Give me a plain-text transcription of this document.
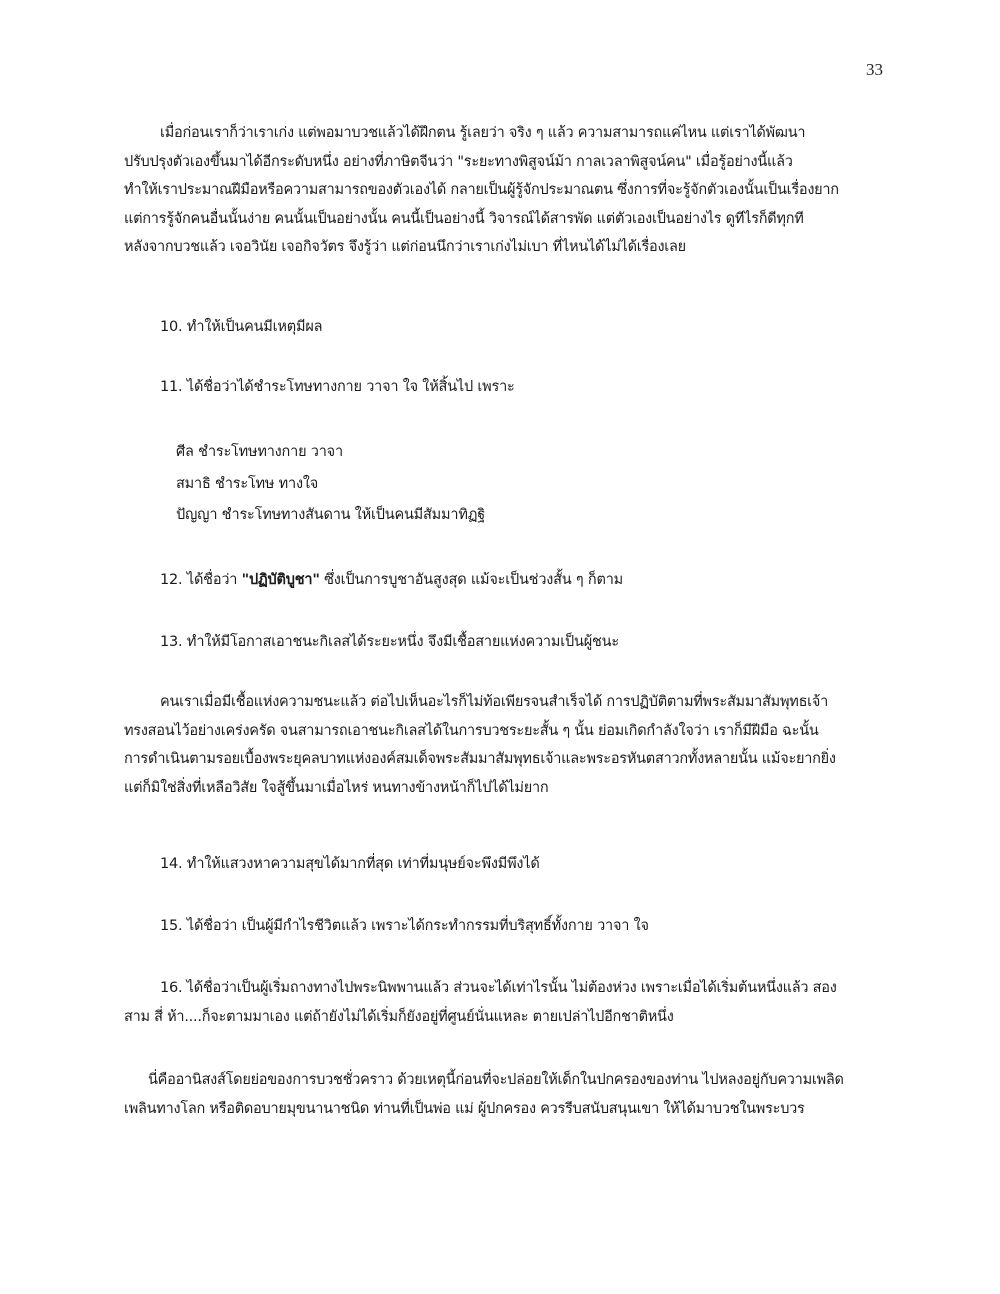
33
เมื่อก่อนเราก็ว่าเราเก่ง แต่พอมาบวชแล้วได้ฝึกตน รู้เลยว่า จริง ๆ แล้ว ความสามารถแค่ไหน แต่เราได้พัฒนา
ปรับปรุงตัวเองขึ้นมาได้อีกระดับหนึ่ง อย่างที่ภาษิตจีนว่า "ระยะทางพิสูจน์ม้า กาลเวลาพิสูจน์คน" เมื่อรู้อย่างนี้แล้ว
ทำให้เราประมาณฝีมือหรือความสามารถของตัวเองได้ กลายเป็นผู้รู้จักประมาณตน ซึ่งการที่จะรู้จักตัวเองนั้นเป็นเรื่องยาก
แต่การรู้จักคนอื่นนั้นง่าย คนนั้นเป็นอย่างนั้น คนนี้เป็นอย่างนี้ วิจารณ์ได้สารพัด แต่ตัวเองเป็นอย่างไร ดูทีไรก็ดีทุกที
หลังจากบวชแล้ว เจอวินัย เจอกิจวัตร จึงรู้ว่า แต่ก่อนนึกว่าเราเก่งไม่เบา ที่ไหนได้ไม่ได้เรื่องเลย
10. ทำให้เป็นคนมีเหตุมีผล
11. ได้ชื่อว่าได้ชำระโทษทางกาย วาจา ใจ ให้สิ้นไป เพราะ
ศีล ชำระโทษทางกาย วาจา
สมาธิ ชำระโทษ ทางใจ
ปัญญา ชำระโทษทางสันดาน ให้เป็นคนมีสัมมาทิฏฐิ
12. ได้ชื่อว่า "ปฏิบัติบูชา" ซึ่งเป็นการบูชาอันสูงสุด แม้จะเป็นช่วงสั้น ๆ ก็ตาม
13. ทำให้มีโอกาสเอาชนะกิเลสได้ระยะหนึ่ง จึงมีเชื้อสายแห่งความเป็นผู้ชนะ
คนเราเมื่อมีเชื้อแห่งความชนะแล้ว ต่อไปเห็นอะไรก็ไม่ท้อเพียรจนสำเร็จได้ การปฏิบัติตามที่พระสัมมาสัมพุทธเจ้า
ทรงสอนไว้อย่างเคร่งครัด จนสามารถเอาชนะกิเลสได้ในการบวชระยะสั้น ๆ นั้น ย่อมเกิดกำลังใจว่า เราก็มีฝีมือ ฉะนั้น
การดำเนินตามรอยเบื้องพระยุคลบาทแห่งองค์สมเด็จพระสัมมาสัมพุทธเจ้าและพระอรหันตสาวกทั้งหลายนั้น แม้จะยากยิ่ง
แต่ก็มิใช่สิ่งที่เหลือวิสัย ใจสู้ขึ้นมาเมื่อไหร่ หนทางข้างหน้าก็ไปได้ไม่ยาก
14. ทำให้แสวงหาความสุขได้มากที่สุด เท่าที่มนุษย์จะพึงมีพึงได้
15. ได้ชื่อว่า เป็นผู้มีกำไรชีวิตแล้ว เพราะได้กระทำกรรมที่บริสุทธิ์ทั้งกาย วาจา ใจ
16. ได้ชื่อว่าเป็นผู้เริ่มถางทางไปพระนิพพานแล้ว ส่วนจะได้เท่าไรนั้น ไม่ต้องห่วง เพราะเมื่อได้เริ่มต้นหนึ่งแล้ว สอง
สาม สี่ ห้า....ก็จะตามมาเอง แต่ถ้ายังไม่ได้เริ่มก็ยังอยู่ที่ศูนย์นั่นแหละ ตายเปล่าไปอีกชาติหนึ่ง
นี่คืออานิสงส์โดยย่อของการบวชชั่วคราว ด้วยเหตุนี้ก่อนที่จะปล่อยให้เด็กในปกครองของท่าน ไปหลงอยู่กับความเพลิด
เพลินทางโลก หรือติดอบายมุขนานาชนิด ท่านที่เป็นพ่อ แม่ ผู้ปกครอง ควรรีบสนับสนุนเขา ให้ได้มาบวชในพระบวร
